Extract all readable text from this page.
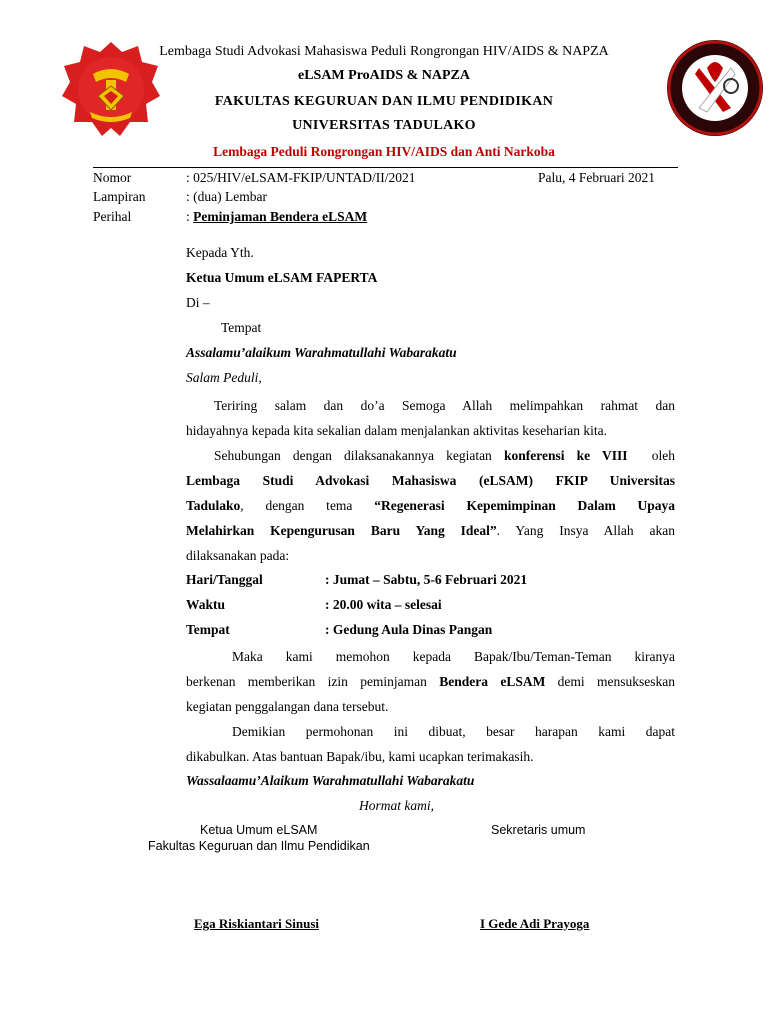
Lembaga Studi Advokasi Mahasiswa Peduli Rongrongan HIV/AIDS & NAPZA
eLSAM ProAIDS & NAPZA
FAKULTAS KEGURUAN DAN ILMU PENDIDIKAN
UNIVERSITAS TADULAKO
Lembaga Peduli Rongrongan HIV/AIDS dan Anti Narkoba
Nomor	: 025/HIV/eLSAM-FKIP/UNTAD/II/2021	Palu, 4 Februari 2021
Lampiran	: (dua) Lembar
Perihal	: Peminjaman Bendera eLSAM
Kepada Yth.
Ketua Umum eLSAM FAPERTA
Di –
Tempat
Assalamu’alaikum Warahmatullahi Wabarakatu
Salam Peduli,
Teriring salam dan do’a Semoga Allah melimpahkan rahmat dan
hidayahnya kepada kita sekalian dalam menjalankan aktivitas keseharian kita.
Sehubungan dengan dilaksanakannya kegiatan konferensi ke VIII oleh
Lembaga Studi Advokasi Mahasiswa (eLSAM) FKIP Universitas
Tadulako, dengan tema “Regenerasi Kepemimpinan Dalam Upaya
Melahirkan Kepengurusan Baru Yang Ideal”. Yang Insya Allah akan
dilaksanakan pada:
Hari/Tanggal	: Jumat – Sabtu, 5-6 Februari 2021
Waktu	: 20.00 wita – selesai
Tempat	: Gedung Aula Dinas Pangan
Maka kami memohon kepada Bapak/Ibu/Teman-Teman kiranya
berkenan memberikan izin peminjaman Bendera eLSAM demi mensukseskan
kegiatan penggalangan dana tersebut.
Demikian permohonan ini dibuat, besar harapan kami dapat
dikabulkan. Atas bantuan Bapak/ibu, kami ucapkan terimakasih.
Wassalaamu’Alaikum Warahmatullahi Wabarakatu
Hormat kami,
Ketua Umum eLSAM
Fakultas Keguruan dan Ilmu Pendidikan
Sekretaris umum
Ega Riskiantari Sinusi	I Gede Adi Prayoga
